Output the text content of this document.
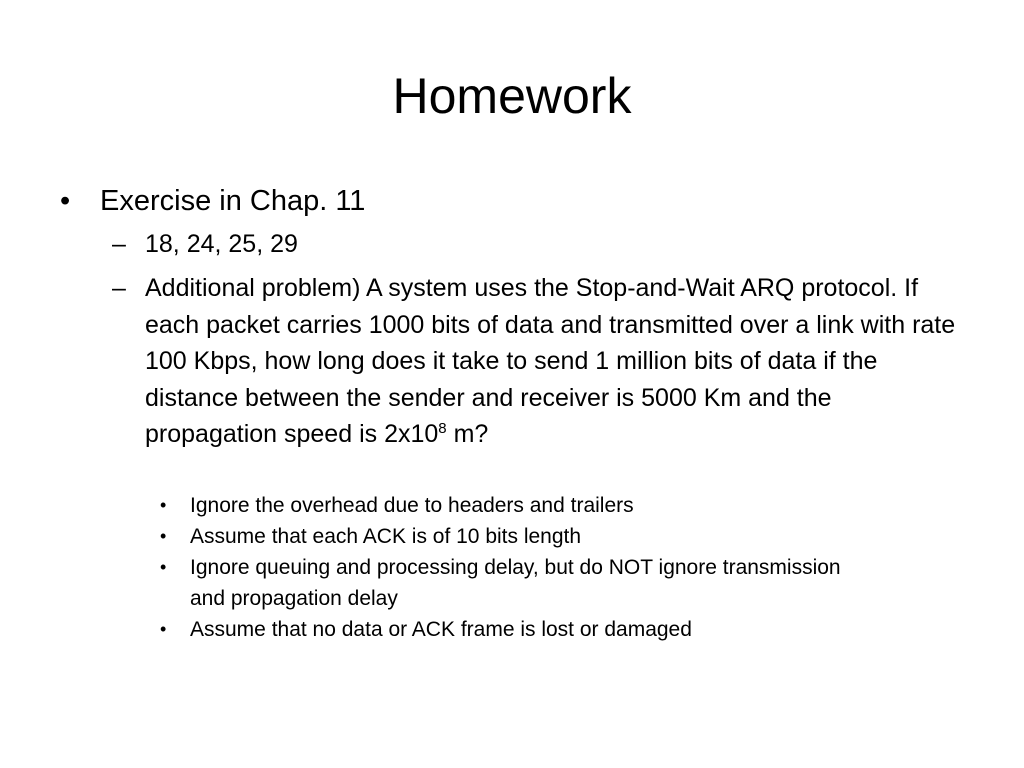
Homework
•	Exercise in Chap. 11
– 18, 24, 25, 29
– Additional problem) A system uses the Stop-and-Wait ARQ protocol. If each packet carries 1000 bits of data and transmitted over a link with rate 100 Kbps, how long does it take to send 1 million bits of data if the distance between the sender and receiver is 5000 Km and the propagation speed is $2x10^8$ m?
•	Ignore the overhead due to headers and trailers
•	Assume that each ACK is of 10 bits length
•	Ignore queuing and processing delay, but do NOT ignore transmission and propagation delay
•	Assume that no data or ACK frame is lost or damaged
